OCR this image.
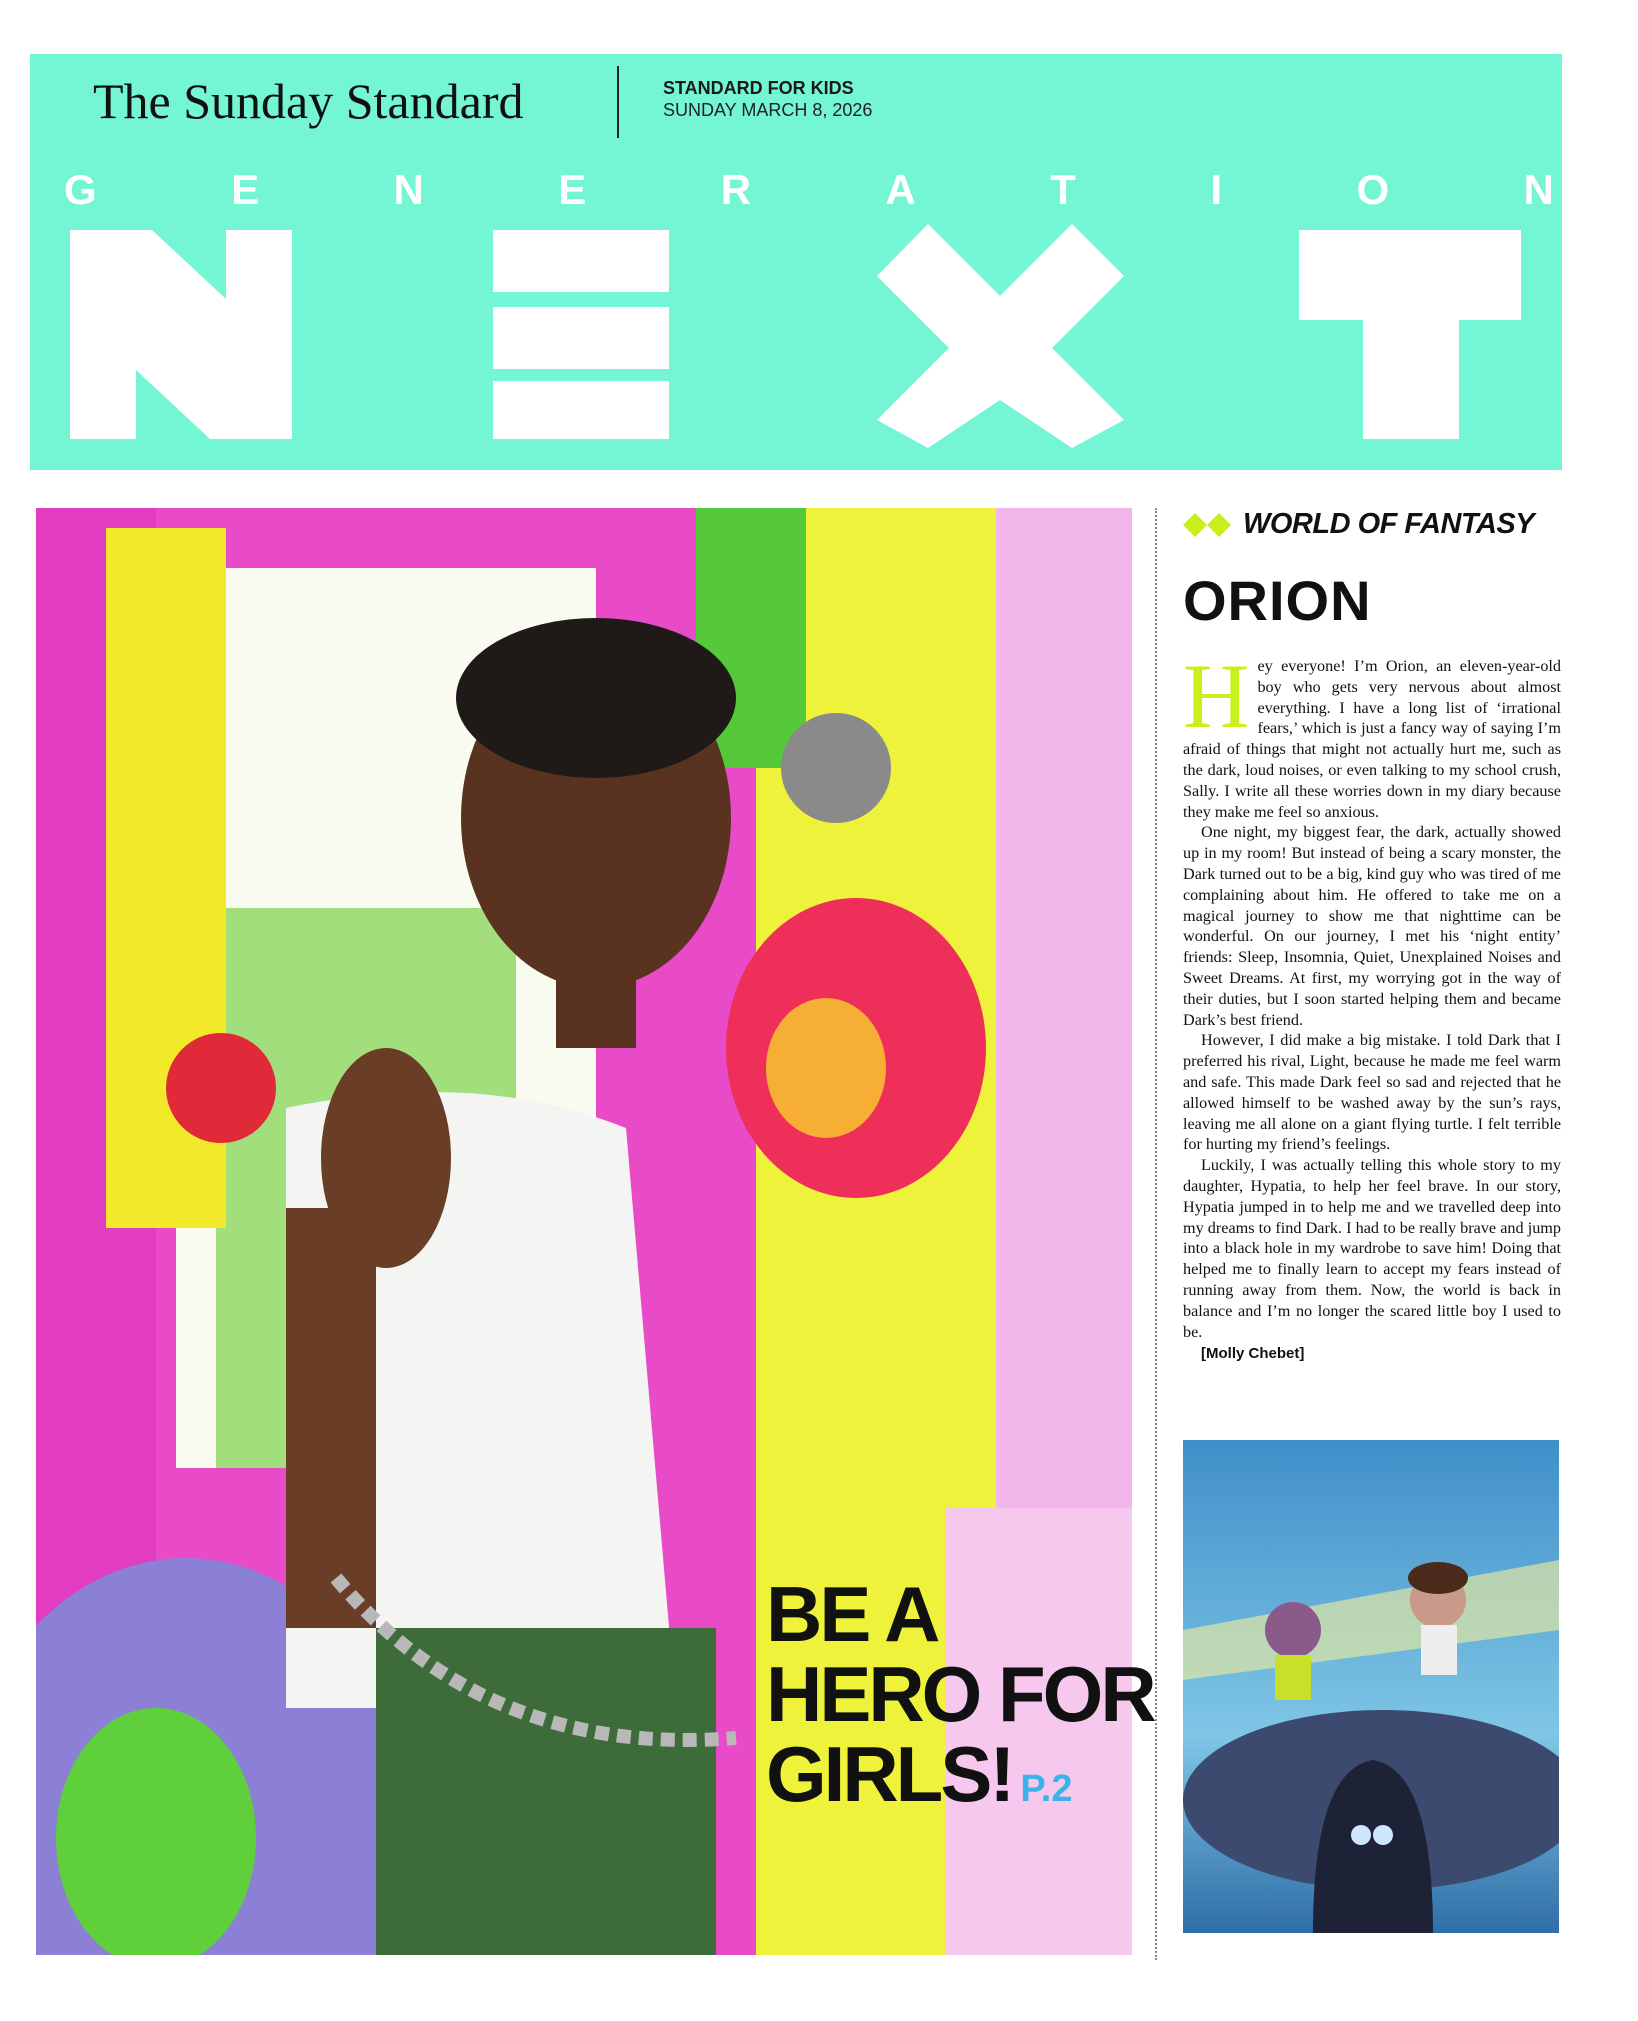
The Sunday Standard	STANDARD FOR KIDS
SUNDAY MARCH 8, 2026
G	E	N	E	R	A	T	I	O	N
BE A
HERO FOR
GIRLS! P.2
WORLD OF FANTASY
ORION

Hey everyone! I’m Orion, an eleven-year-old boy who gets very nervous about almost everything. I have a long list of ‘irrational fears,’ which is just a fancy way of saying I’m afraid of things that might not actually hurt me, such as the dark, loud noises, or even talking to my school crush, Sally. I write all these worries down in my diary because they make me feel so anxious.

One night, my biggest fear, the dark, actually showed up in my room! But instead of being a scary monster, the Dark turned out to be a big, kind guy who was tired of me complaining about him. He offered to take me on a magical journey to show me that nighttime can be wonderful. On our journey, I met his ‘night entity’ friends: Sleep, Insomnia, Quiet, Unexplained Noises and Sweet Dreams. At first, my worrying got in the way of their duties, but I soon started helping them and became Dark’s best friend.

However, I did make a big mistake. I told Dark that I preferred his rival, Light, because he made me feel warm and safe. This made Dark feel so sad and rejected that he allowed himself to be washed away by the sun’s rays, leaving me all alone on a giant flying turtle. I felt terrible for hurting my friend’s feelings.

Luckily, I was actually telling this whole story to my daughter, Hypatia, to help her feel brave. In our story, Hypatia jumped in to help me and we travelled deep into my dreams to find Dark. I had to be really brave and jump into a black hole in my wardrobe to save him! Doing that helped me to finally learn to accept my fears instead of running away from them. Now, the world is back in balance and I’m no longer the scared little boy I used to be.

[Molly Chebet]
